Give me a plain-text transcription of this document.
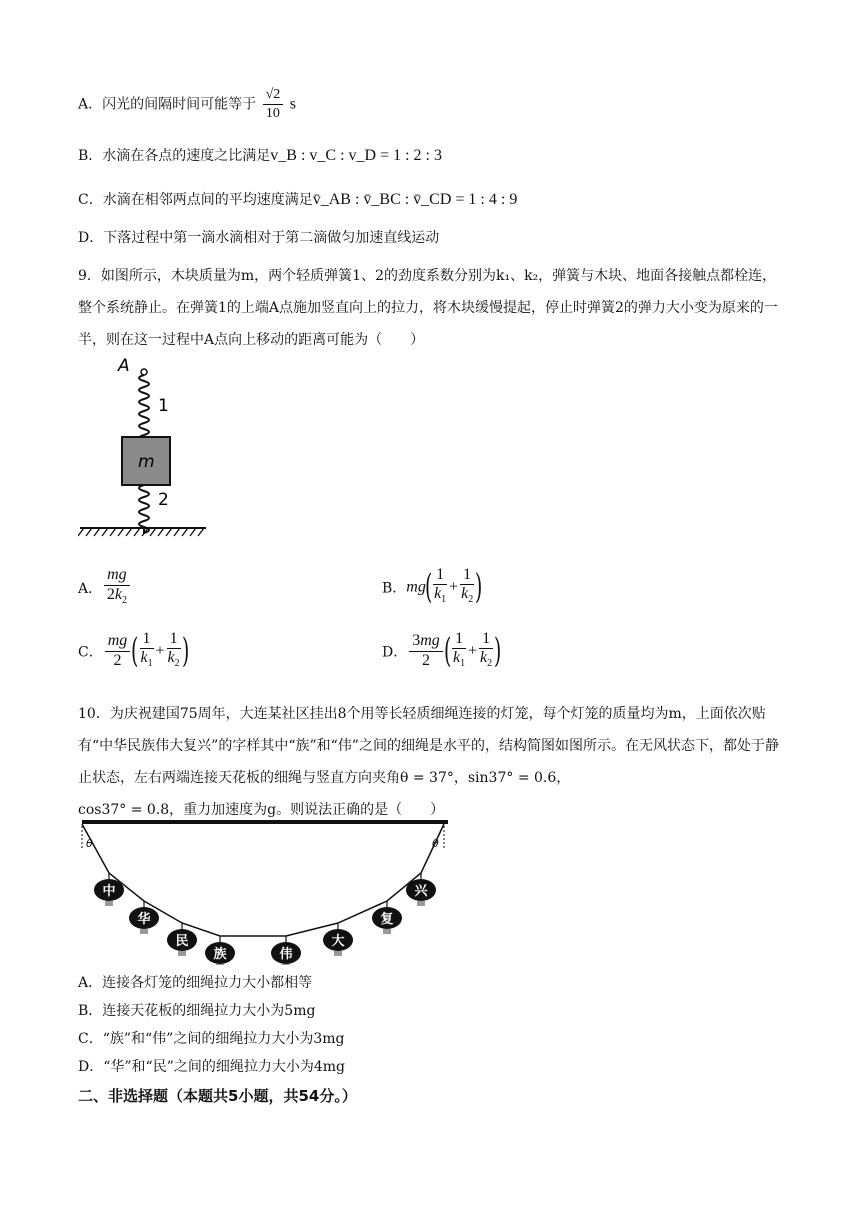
A．闪光的间隔时间可能等于 $\frac{√2}{10}$ s
B．水滴在各点的速度之比满足v_B : v_C : v_D = 1 : 2 : 3
C．水滴在相邻两点间的平均速度满足v̄_AB : v̄_BC : v̄_CD = 1 : 4 : 9
D．下落过程中第一滴水滴相对于第二滴做匀加速直线运动
9．如图所示，木块质量为m，两个轻质弹簧1、2的劲度系数分别为k₁、k₂，弹簧与木块、地面各接触点都栓连，整个系统静止。在弹簧1的上端A点施加竖直向上的拉力，将木块缓慢提起，停止时弹簧2的弹力大小变为原来的一半，则在这一过程中A点向上移动的距离可能为（　　）
A
1
m
2
A． $\frac{mg}{2k_2}$	B．$mg( \frac{1}{k_1} + \frac{1}{k_2}$ )
C． $\frac{mg}{2}$ ( $\frac{1}{k_1} + \frac{1}{k_2}$ )	D． $\frac{3mg}{2}$ ( $\frac{1}{k_1} + \frac{1}{k_2}$ )
10．为庆祝建国75周年，大连某社区挂出8个用等长轻质细绳连接的灯笼，每个灯笼的质量均为m，上面依次贴有“中华民族伟大复兴”的字样其中“族”和“伟”之间的细绳是水平的，结构简图如图所示。在无风状态下，都处于静止状态，左右两端连接天花板的细绳与竖直方向夹角θ = 37°，sin37° = 0.6，
cos37° = 0.8，重力加速度为g。则说法正确的是（　　）
θ	θ
中
华
民
族	伟
大
复
兴
A．连接各灯笼的细绳拉力大小都相等
B．连接天花板的细绳拉力大小为5mg
C．“族”和“伟”之间的细绳拉力大小为3mg
D．“华”和“民”之间的细绳拉力大小为4mg
二、非选择题（本题共5小题，共54分。）
